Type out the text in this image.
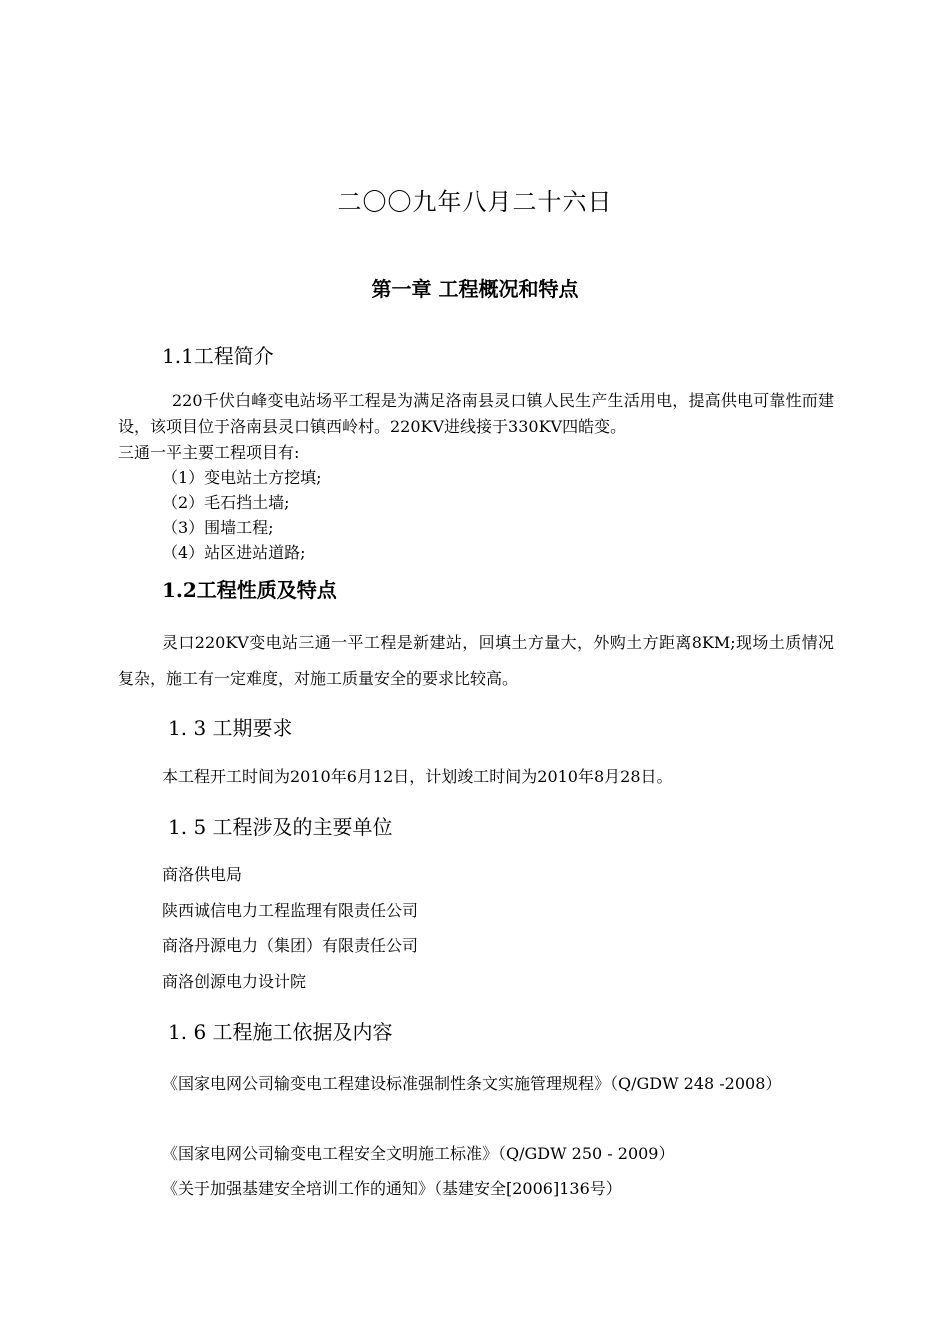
二〇〇九年八月二十六日
第一章 工程概况和特点
1.1工程简介
220千伏白峰变电站场平工程是为满足洛南县灵口镇人民生产生活用电，提高供电可靠性而建设，该项目位于洛南县灵口镇西岭村。220KV进线接于330KV四皓变。
三通一平主要工程项目有:
（1）变电站土方挖填;
（2）毛石挡土墙;
（3）围墙工程;
（4）站区进站道路;
1.2工程性质及特点
灵口220KV变电站三通一平工程是新建站，回填土方量大，外购土方距离8KM;现场土质情况复杂，施工有一定难度，对施工质量安全的要求比较高。
1. 3 工期要求
本工程开工时间为2010年6月12日，计划竣工时间为2010年8月28日。
1. 5 工程涉及的主要单位
商洛供电局
陕西诚信电力工程监理有限责任公司
商洛丹源电力（集团）有限责任公司
商洛创源电力设计院
1. 6 工程施工依据及内容
《国家电网公司输变电工程建设标准强制性条文实施管理规程》（Q/GDW 248 -2008）
《国家电网公司输变电工程安全文明施工标准》（Q/GDW 250 - 2009）
《关于加强基建安全培训工作的通知》（基建安全[2006]136号）
